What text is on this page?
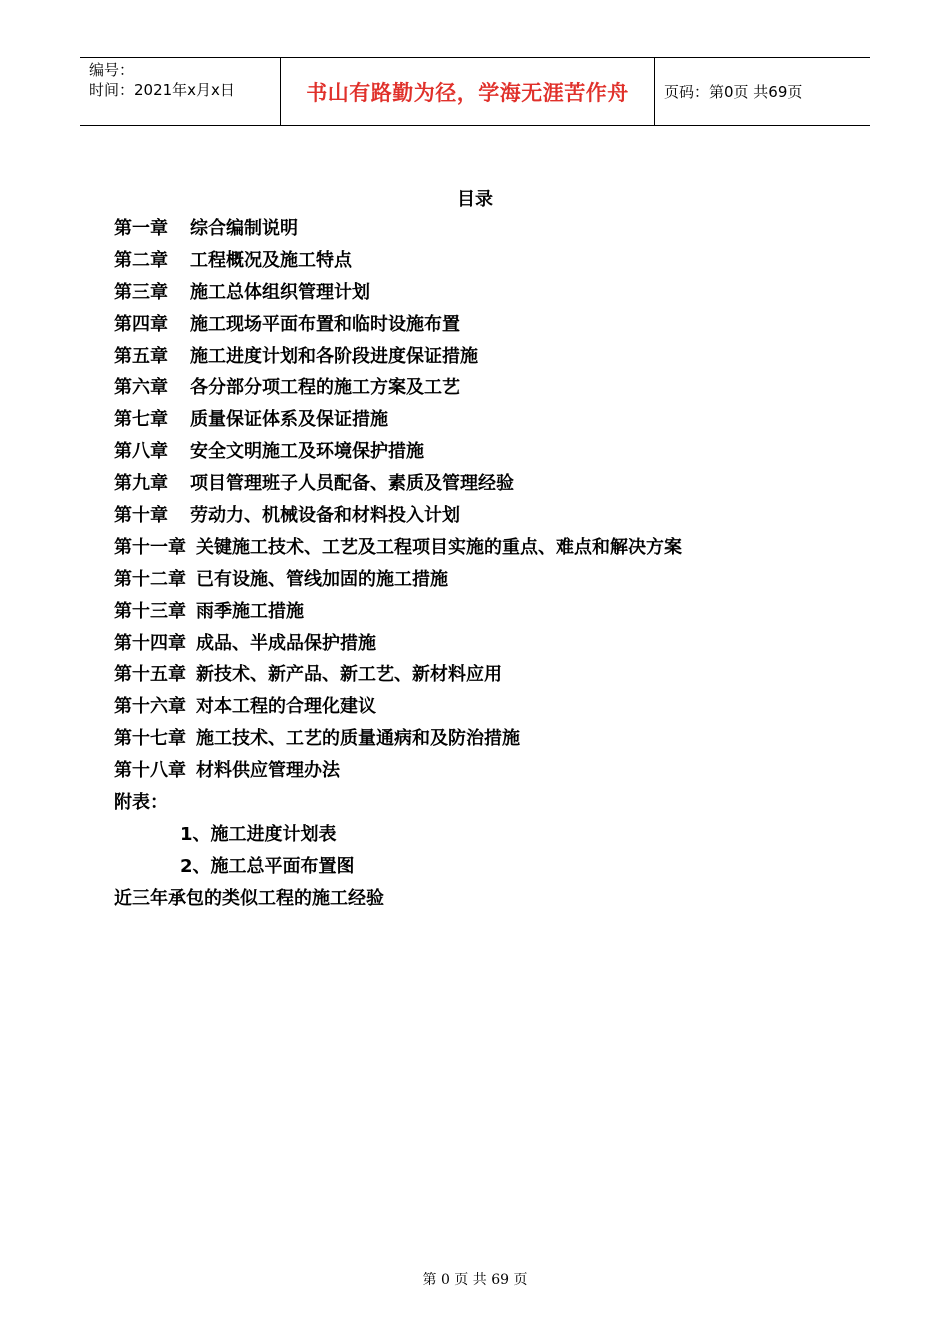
编号：
时间：2021年x月x日	书山有路勤为径，学海无涯苦作舟	页码：第0页 共69页
目录
第一章 综合编制说明
第二章 工程概况及施工特点
第三章 施工总体组织管理计划
第四章 施工现场平面布置和临时设施布置
第五章 施工进度计划和各阶段进度保证措施
第六章 各分部分项工程的施工方案及工艺
第七章 质量保证体系及保证措施
第八章 安全文明施工及环境保护措施
第九章 项目管理班子人员配备、素质及管理经验
第十章 劳动力、机械设备和材料投入计划
第十一章 关键施工技术、工艺及工程项目实施的重点、难点和解决方案
第十二章 已有设施、管线加固的施工措施
第十三章 雨季施工措施
第十四章 成品、半成品保护措施
第十五章 新技术、新产品、新工艺、新材料应用
第十六章 对本工程的合理化建议
第十七章 施工技术、工艺的质量通病和及防治措施
第十八章 材料供应管理办法
附表：
1、施工进度计划表
2、施工总平面布置图
近三年承包的类似工程的施工经验
第 0 页 共 69 页
